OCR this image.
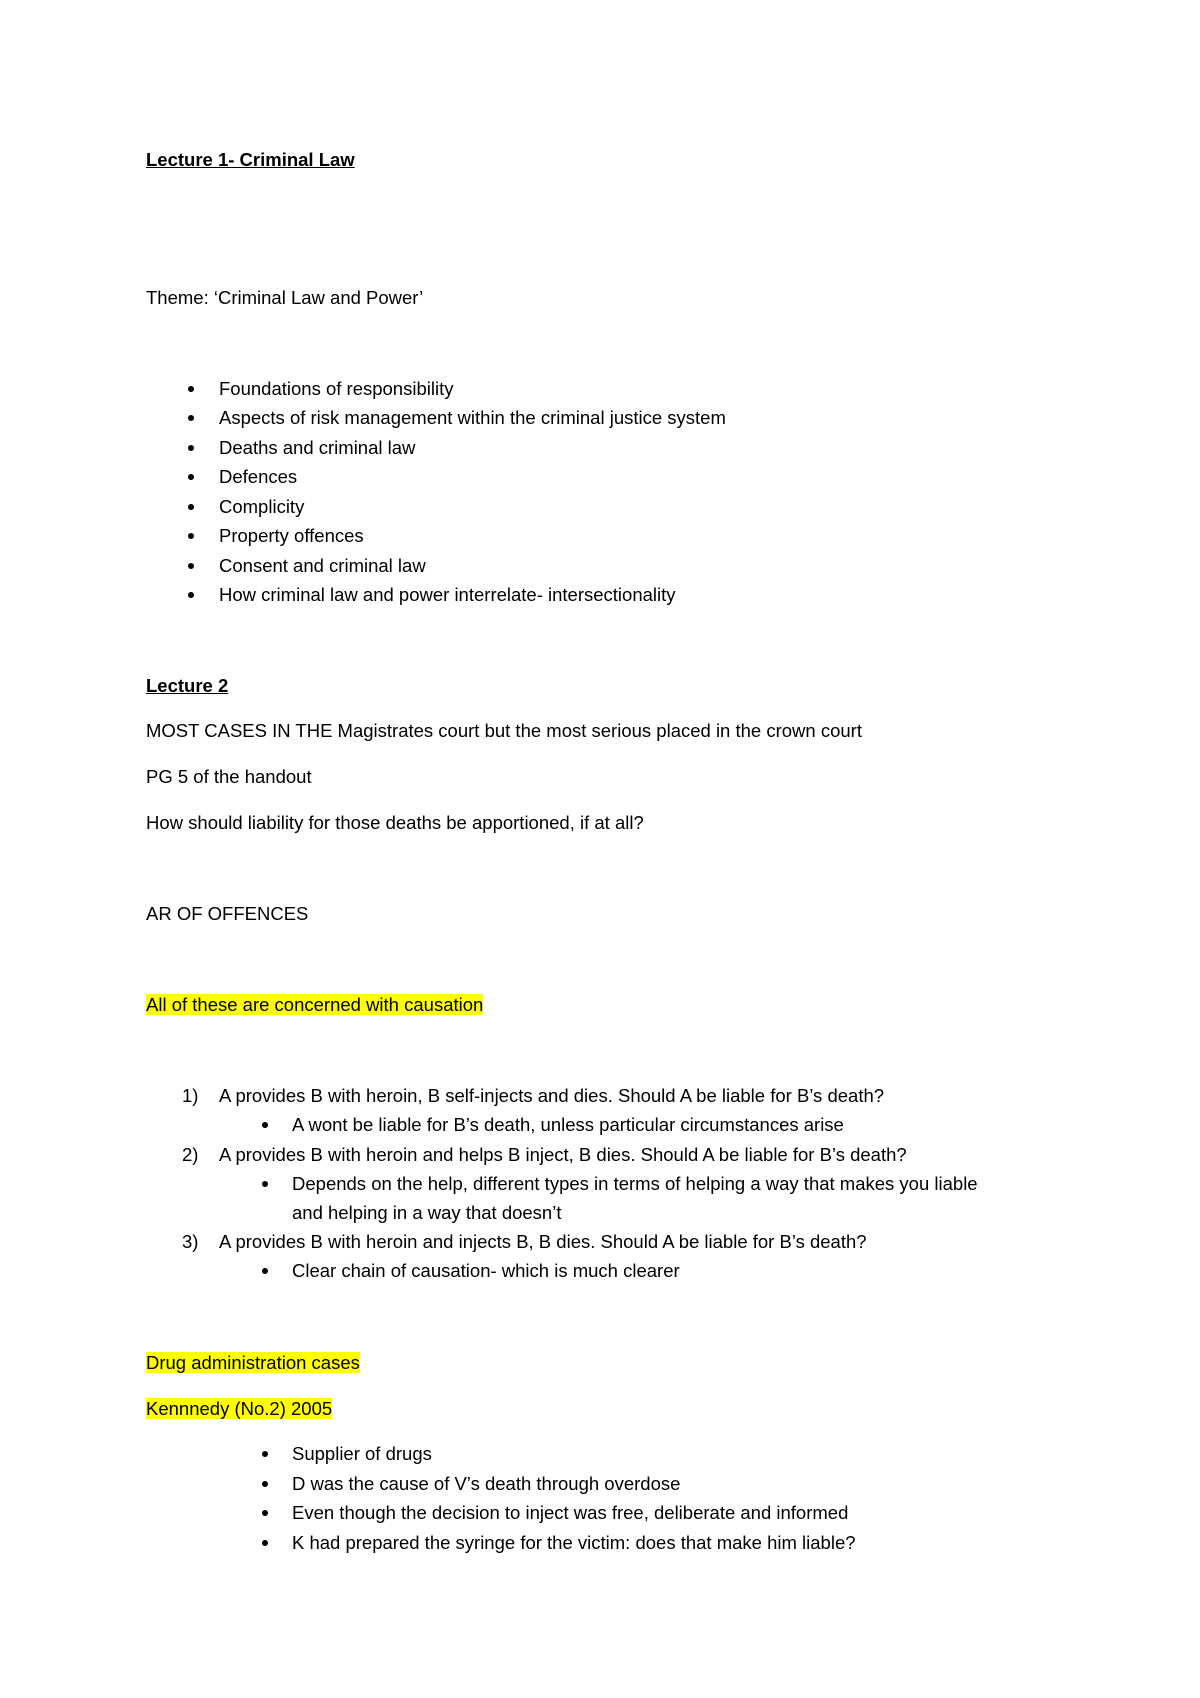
Lecture 1- Criminal Law
Theme: ‘Criminal Law and Power’
Foundations of responsibility
Aspects of risk management within the criminal justice system
Deaths and criminal law
Defences
Complicity
Property offences
Consent and criminal law
How criminal law and power interrelate- intersectionality
Lecture 2
MOST CASES IN THE Magistrates court but the most serious placed in the crown court
PG 5 of the handout
How should liability for those deaths be apportioned, if at all?
AR OF OFFENCES
All of these are concerned with causation
1) A provides B with heroin, B self-injects and dies. Should A be liable for B’s death?
A wont be liable for B’s death, unless particular circumstances arise
2) A provides B with heroin and helps B inject, B dies. Should A be liable for B’s death?
Depends on the help, different types in terms of helping a way that makes you liable
and helping in a way that doesn’t
3) A provides B with heroin and injects B, B dies. Should A be liable for B’s death?
Clear chain of causation- which is much clearer
Drug administration cases
Kennnedy (No.2) 2005
Supplier of drugs
D was the cause of V’s death through overdose
Even though the decision to inject was free, deliberate and informed
K had prepared the syringe for the victim: does that make him liable?
